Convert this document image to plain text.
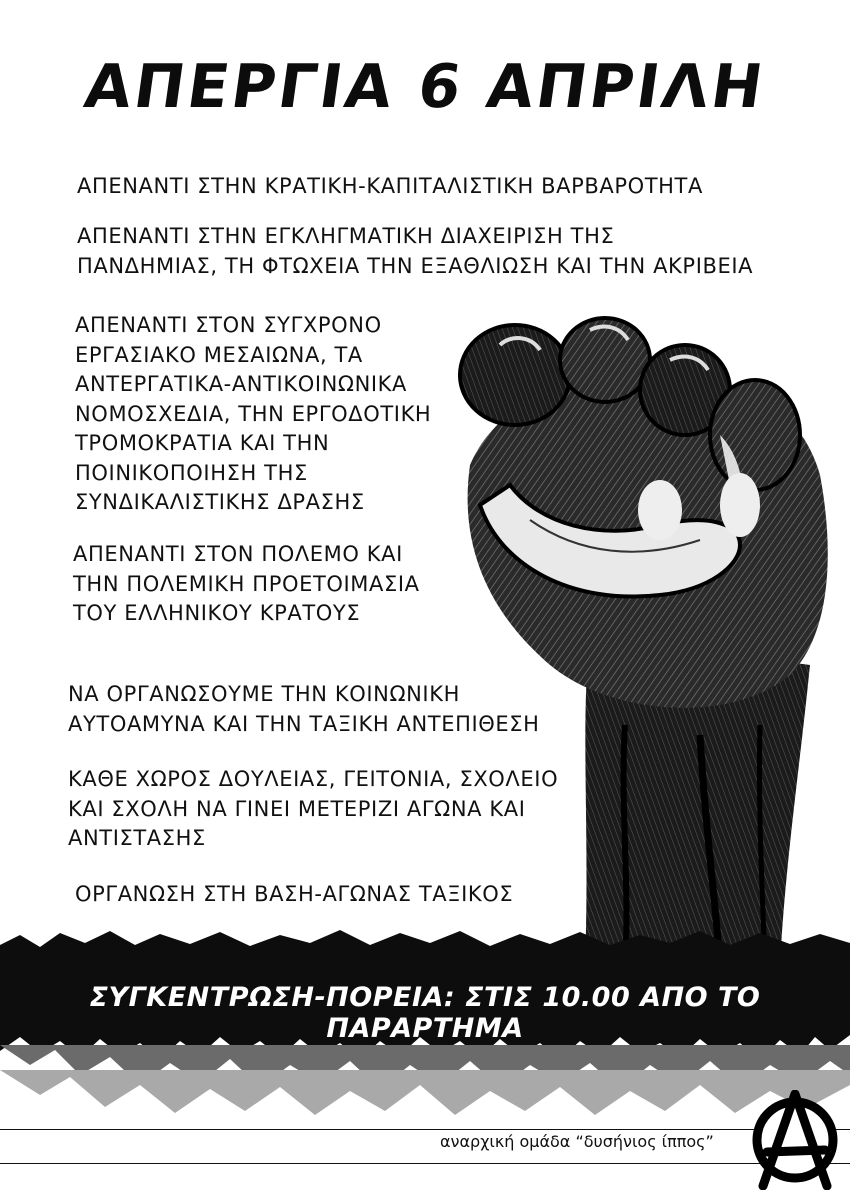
ΑΠΕΡΓΙΑ 6 ΑΠΡΙΛΗ
ΑΠΕΝΑΝΤΙ ΣΤΗΝ ΚΡΑΤΙΚΗ-ΚΑΠΙΤΑΛΙΣΤΙΚΗ ΒΑΡΒΑΡΟΤΗΤΑ
ΑΠΕΝΑΝΤΙ ΣΤΗΝ ΕΓΚΛΗΓΜΑΤΙΚΗ ΔΙΑΧΕΙΡΙΣΗ ΤΗΣ
ΠΑΝΔΗΜΙΑΣ, ΤΗ ΦΤΩΧΕΙΑ ΤΗΝ ΕΞΑΘΛΙΩΣΗ ΚΑΙ ΤΗΝ ΑΚΡΙΒΕΙΑ
ΑΠΕΝΑΝΤΙ ΣΤΟΝ ΣΥΓΧΡΟΝΟ
ΕΡΓΑΣΙΑΚΟ ΜΕΣΑΙΩΝΑ, ΤΑ
ΑΝΤΕΡΓΑΤΙΚΑ-ΑΝΤΙΚΟΙΝΩΝΙΚΑ
ΝΟΜΟΣΧΕΔΙΑ, ΤΗΝ ΕΡΓΟΔΟΤΙΚΗ
ΤΡΟΜΟΚΡΑΤΙΑ ΚΑΙ ΤΗΝ
ΠΟΙΝΙΚΟΠΟΙΗΣΗ ΤΗΣ
ΣΥΝΔΙΚΑΛΙΣΤΙΚΗΣ ΔΡΑΣΗΣ
ΑΠΕΝΑΝΤΙ ΣΤΟΝ ΠΟΛΕΜΟ ΚΑΙ
ΤΗΝ ΠΟΛΕΜΙΚΗ ΠΡΟΕΤΟΙΜΑΣΙΑ
ΤΟΥ ΕΛΛΗΝΙΚΟΥ ΚΡΑΤΟΥΣ
ΝΑ ΟΡΓΑΝΩΣΟΥΜΕ ΤΗΝ ΚΟΙΝΩΝΙΚΗ
ΑΥΤΟΑΜΥΝΑ ΚΑΙ ΤΗΝ ΤΑΞΙΚΗ ΑΝΤΕΠΙΘΕΣΗ
ΚΑΘΕ ΧΩΡΟΣ ΔΟΥΛΕΙΑΣ, ΓΕΙΤΟΝΙΑ, ΣΧΟΛΕΙΟ
ΚΑΙ ΣΧΟΛΗ ΝΑ ΓΙΝΕΙ ΜΕΤΕΡΙΖΙ ΑΓΩΝΑ ΚΑΙ
ΑΝΤΙΣΤΑΣΗΣ
ΟΡΓΑΝΩΣΗ ΣΤΗ ΒΑΣΗ-ΑΓΩΝΑΣ ΤΑΞΙΚΟΣ
ΣΥΓΚΕΝΤΡΩΣΗ-ΠΟΡΕΙΑ: ΣΤΙΣ 10.00 ΑΠΟ ΤΟ ΠΑΡΑΡΤΗΜΑ
αναρχική ομάδα “δυσήνιος ίππος”
